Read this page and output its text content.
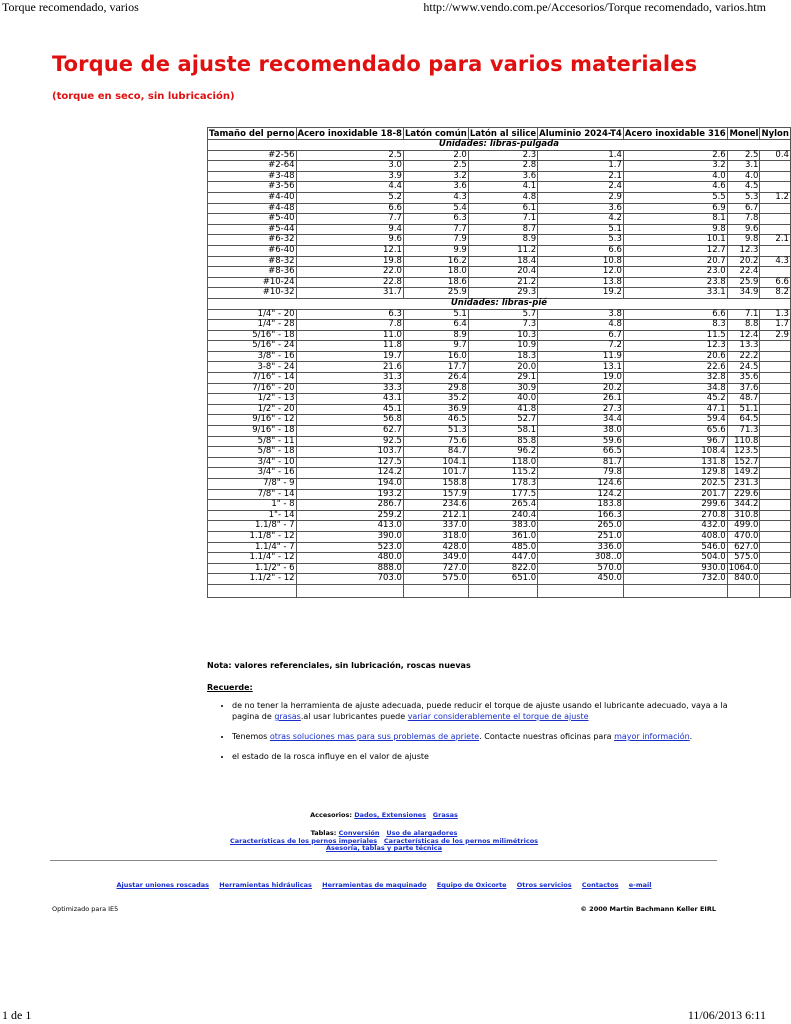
Torque recomendado, varios	http://www.vendo.com.pe/Accesorios/Torque recomendado, varios.htm
Torque de ajuste recomendado para varios materiales
(torque en seco, sin lubricación)
Tamaño del perno	Acero inoxidable 18-8	Latón común	Latón al silice	Aluminio 2024-T4	Acero inoxidable 316	Monel	Nylon
Unidades: libras-pulgada							
#2-56	2.5	2.0	2.3	1.4	2.6	2.5	0.4
#2-64	3.0	2.5	2.8	1.7	3.2	3.1	
#3-48	3.9	3.2	3.6	2.1	4.0	4.0	
#3-56	4.4	3.6	4.1	2.4	4.6	4.5	
#4-40	5.2	4.3	4.8	2.9	5.5	5.3	1.2
#4-48	6.6	5.4	6.1	3.6	6.9	6.7	
#5-40	7.7	6.3	7.1	4.2	8.1	7.8	
#5-44	9.4	7.7	8.7	5.1	9.8	9.6	
#6-32	9.6	7.9	8.9	5.3	10.1	9.8	2.1
#6-40	12.1	9.9	11.2	6.6	12.7	12.3	
#8-32	19.8	16.2	18.4	10.8	20.7	20.2	4.3
#8-36	22.0	18.0	20.4	12.0	23.0	22.4	
#10-24	22.8	18.6	21.2	13.8	23.8	25.9	6.6
#10-32	31.7	25.9	29.3	19.2	33.1	34.9	8.2
Unidades: libras-pié							
1/4" - 20	6.3	5.1	5.7	3.8	6.6	7.1	1.3
1/4" - 28	7.8	6.4	7.3	4.8	8.3	8.8	1.7
5/16" - 18	11.0	8.9	10.3	6.7	11.5	12.4	2.9
5/16" - 24	11.8	9.7	10.9	7.2	12.3	13.3	
3/8" - 16	19.7	16.0	18.3	11.9	20.6	22.2	
3-8" - 24	21.6	17.7	20.0	13.1	22.6	24.5	
7/16" - 14	31.3	26.4	29.1	19.0	32.8	35.6	
7/16" - 20	33.3	29.8	30.9	20.2	34.8	37.6	
1/2" - 13	43.1	35.2	40.0	26.1	45.2	48.7	
1/2" - 20	45.1	36.9	41.8	27.3	47.1	51.1	
9/16" - 12	56.8	46.5	52.7	34.4	59.4	64.5	
9/16" - 18	62.7	51.3	58.1	38.0	65.6	71.3	
5/8" - 11	92.5	75.6	85.8	59.6	96.7	110.8	
5/8" - 18	103.7	84.7	96.2	66.5	108.4	123.5	
3/4" - 10	127.5	104.1	118.0	81.7	131.8	152.7	
3/4" - 16	124.2	101.7	115.2	79.8	129.8	149.2	
7/8" - 9	194.0	158.8	178.3	124.6	202.5	231.3	
7/8" - 14	193.2	157.9	177.5	124.2	201.7	229.6	
1" - 8	286.7	234.6	265.4	183.8	299.6	344.2	
1"- 14	259.2	212.1	240.4	166.3	270.8	310.8	
1.1/8" - 7	413.0	337.0	383.0	265.0	432.0	499.0	
1.1/8" - 12	390.0	318.0	361.0	251.0	408.0	470.0	
1.1/4" - 7	523.0	428.0	485.0	336.0	546.0	627.0	
1.1/4" - 12	480.0	349.0	447.0	308..0	504.0	575.0	
1.1/2" - 6	888.0	727.0	822.0	570.0	930.0	1064.0	
1.1/2" - 12	703.0	575.0	651.0	450.0	732.0	840.0	

Nota: valores referenciales, sin lubricación, roscas nuevas
Recuerde:
• de no tener la herramienta de ajuste adecuada, puede reducir el torque de ajuste usando el lubricante adecuado, vaya a la pagina de grasas.al usar lubricantes puede variar considerablemente el torque de ajuste
• Tenemos otras soluciones mas para sus problemas de apriete. Contacte nuestras oficinas para mayor información.
• el estado de la rosca influye en el valor de ajuste
Accesorios: Dados, Extensiones Grasas
Tablas: Conversión Uso de alargadores
Características de los pernos imperiales Características de los pernos milimétricos
Asesoría, tablas y parte técnica
Ajustar uniones roscadas Herramientas hidráulicas Herramientas de maquinado Equipo de Oxicorte Otros servicios Contactos e-mail
Optimizado para IE5	© 2000 Martin Bachmann Keller EIRL
1 de 1	11/06/2013 6:11
